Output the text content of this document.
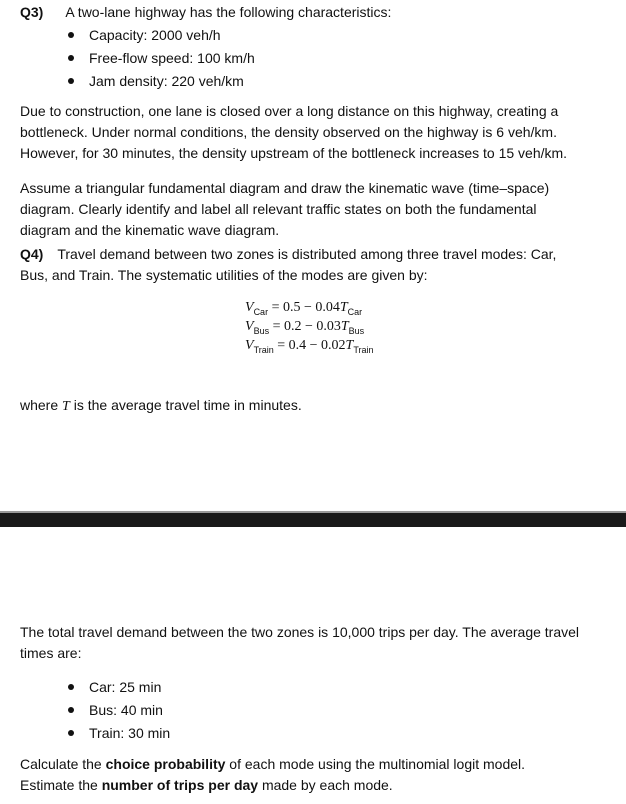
Q3) A two-lane highway has the following characteristics:
Capacity: 2000 veh/h
Free-flow speed: 100 km/h
Jam density: 220 veh/km
Due to construction, one lane is closed over a long distance on this highway, creating a
bottleneck. Under normal conditions, the density observed on the highway is 6 veh/km.
However, for 30 minutes, the density upstream of the bottleneck increases to 15 veh/km.
Assume a triangular fundamental diagram and draw the kinematic wave (time–space)
diagram. Clearly identify and label all relevant traffic states on both the fundamental
diagram and the kinematic wave diagram.
Q4) Travel demand between two zones is distributed among three travel modes: Car,
Bus, and Train. The systematic utilities of the modes are given by:
$V_{Car} = 0.5 - 0.04T_{Car}$
$V_{Bus} = 0.2 - 0.03T_{Bus}$
$V_{Train} = 0.4 - 0.02T_{Train}$
where T is the average travel time in minutes.
The total travel demand between the two zones is 10,000 trips per day. The average travel
times are:
Car: 25 min
Bus: 40 min
Train: 30 min
Calculate the choice probability of each mode using the multinomial logit model.
Estimate the number of trips per day made by each mode.
